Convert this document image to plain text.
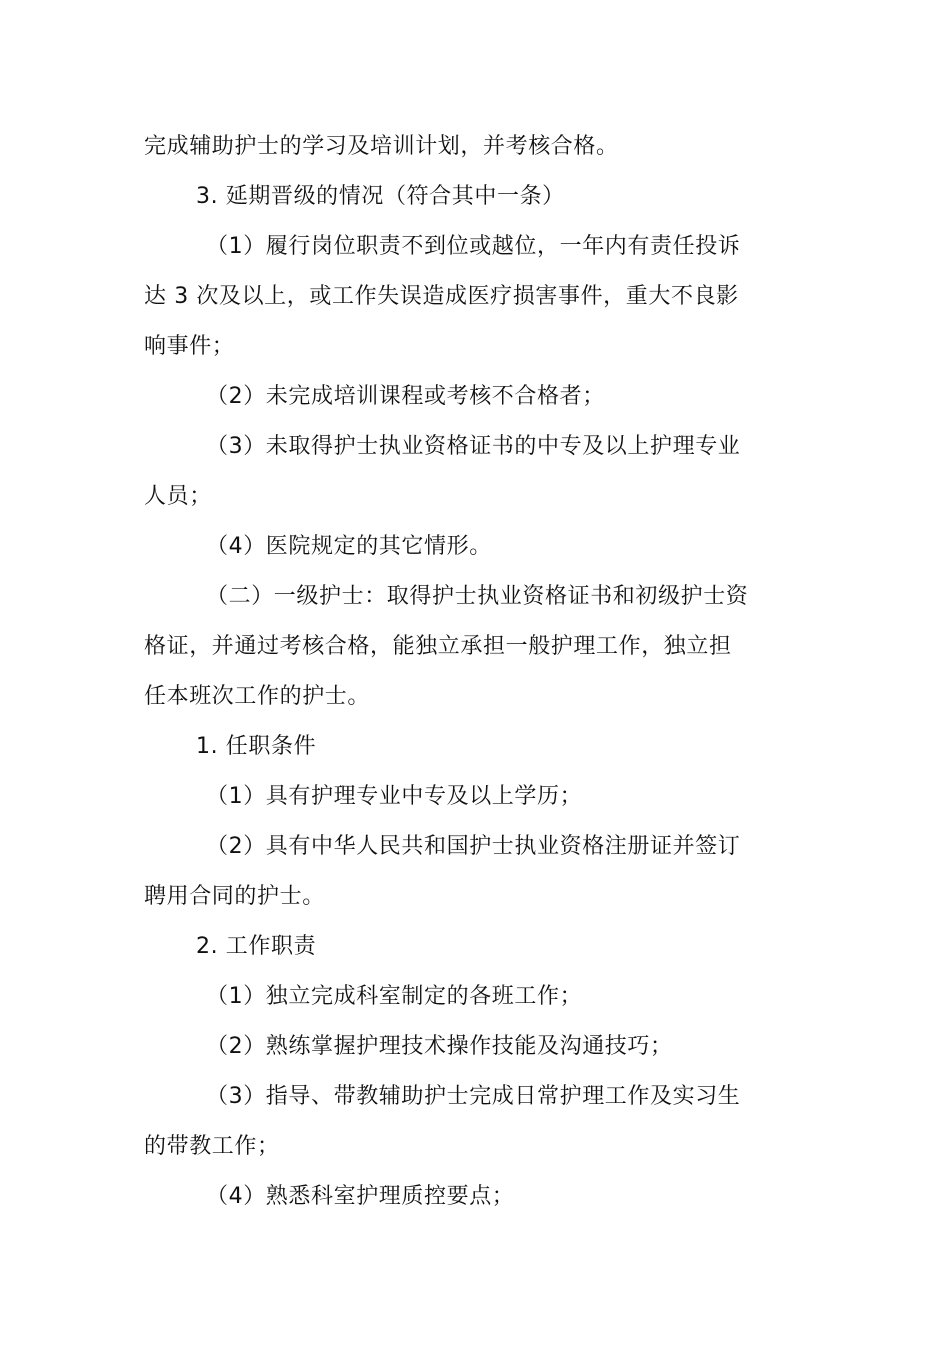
完成辅助护士的学习及培训计划，并考核合格。
3. 延期晋级的情况（符合其中一条）
（1）履行岗位职责不到位或越位，一年内有责任投诉
达 3 次及以上，或工作失误造成医疗损害事件，重大不良影
响事件；
（2）未完成培训课程或考核不合格者；
（3）未取得护士执业资格证书的中专及以上护理专业
人员；
（4）医院规定的其它情形。
（二）一级护士：取得护士执业资格证书和初级护士资
格证，并通过考核合格，能独立承担一般护理工作，独立担
任本班次工作的护士。
1. 任职条件
（1）具有护理专业中专及以上学历；
（2）具有中华人民共和国护士执业资格注册证并签订
聘用合同的护士。
2. 工作职责
（1）独立完成科室制定的各班工作；
（2）熟练掌握护理技术操作技能及沟通技巧；
（3）指导、带教辅助护士完成日常护理工作及实习生
的带教工作；
（4）熟悉科室护理质控要点；
